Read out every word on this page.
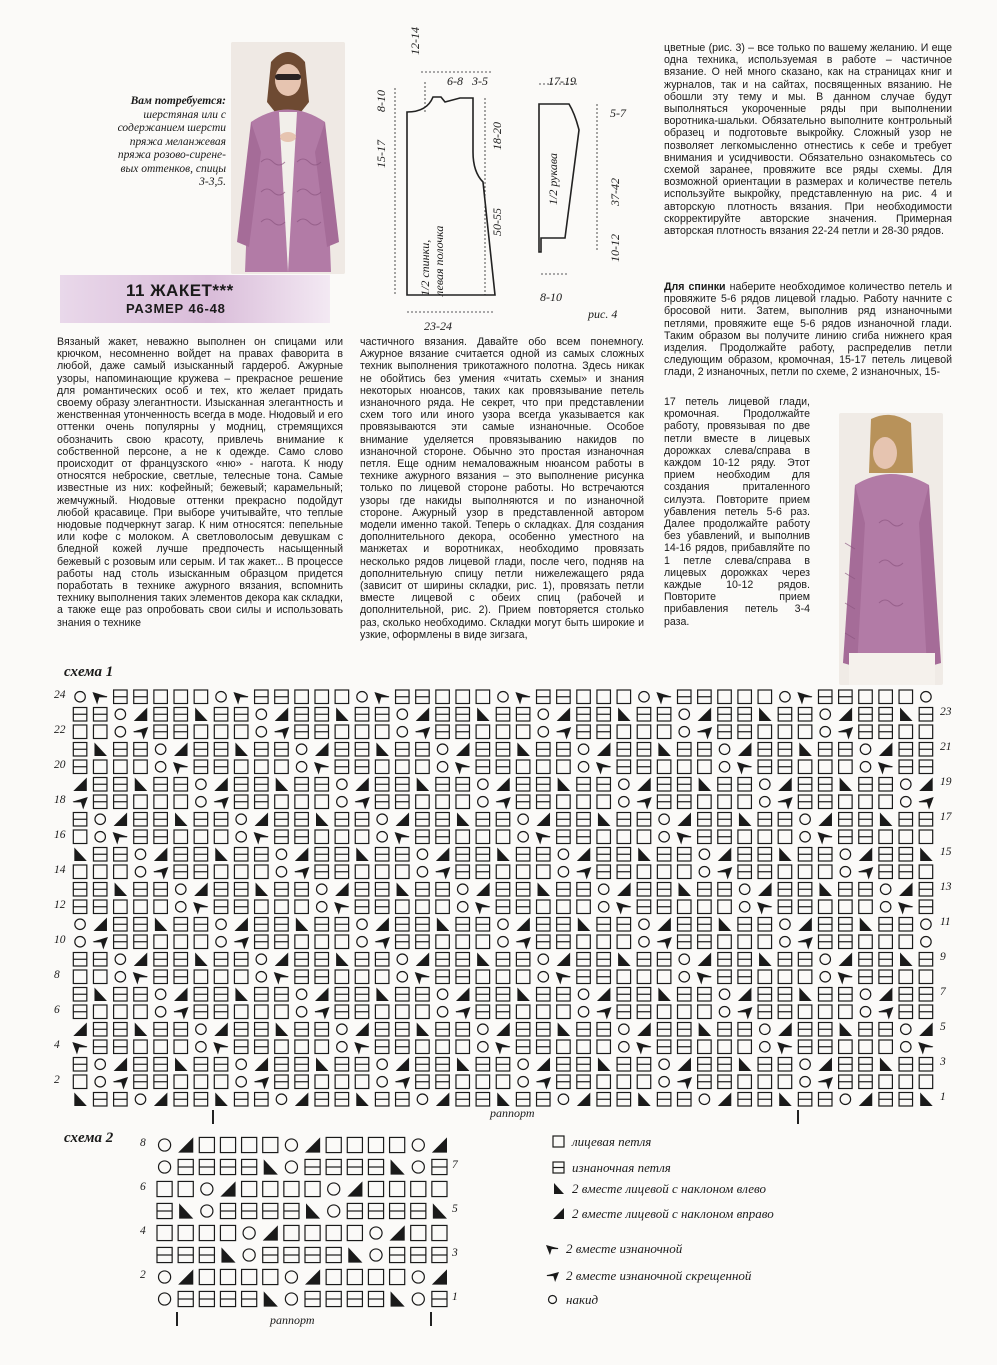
Вам потребуется:
шерстяная или с
содержанием шерсти
пряжа меланжевая
пряжа розово-сирене-
вых оттенков, спицы
3-3,5.
11 ЖАКЕТ***
РАЗМЕР 46-48
12-14
6-8 3-5
8-10
15-17
18-20
50-55
23-24
1/2 спинки,
левая полочка
17-19
5-7
37-42
10-12
8-10
1/2 рукава
рис. 4

Вязаный жакет, неважно выполнен он спицами или крючком, несомненно войдет на правах фаворита в любой, даже самый изысканный гардероб. Ажурные узоры, напоминающие кружева – прекрасное решение для романтических особ и тех, кто желает придать своему образу элегантности. Изысканная элегантность и женственная утонченность всегда в моде. Нюдовый и его оттенки очень популярны у модниц, стремящихся обозначить свою красоту, привлечь внимание к собственной персоне, а не к одежде. Само слово происходит от французского «ню» - нагота. К нюду относятся неброские, светлые, телесные тона. Самые известные из них: кофейный; бежевый; карамельный; жемчужный. Нюдовые оттенки прекрасно подойдут любой красавице. При выборе учитывайте, что теплые нюдовые подчеркнут загар. К ним относятся: пепельные или кофе с молоком. А светловолосым девушкам с бледной кожей лучше предпочесть насыщенный бежевый с розовым или серым. И так жакет... В процессе работы над столь изысканным образцом придется поработать в технике ажурного вязания, вспомнить технику выполнения таких элементов декора как складки, а также еще раз опробовать свои силы и использовать знания о технике

частичного вязания. Давайте обо всем понемногу. Ажурное вязание считается одной из самых сложных техник выполнения трикотажного полотна. Здесь никак не обойтись без умения «читать схемы» и знания некоторых нюансов, таких как провязывание петель изнаночного ряда. Не секрет, что при представлении схем того или иного узора всегда указывается как провязываются эти самые изнаночные. Особое внимание уделяется провязыванию накидов по изнаночной стороне. Обычно это простая изнаночная петля. Еще одним немаловажным нюансом работы в технике ажурного вязания – это выполнение рисунка только по лицевой стороне работы. Но встречаются узоры где накиды выполняются и по изнаночной стороне. Ажурный узор в представленной автором модели именно такой. Теперь о складках. Для создания дополнительного декора, особенно уместного на манжетах и воротниках, необходимо провязать несколько рядов лицевой глади, после чего, подняв на дополнительную спицу петли нижележащего ряда (зависит от ширины складки, рис. 1), провязать петли вместе лицевой с обеих спиц (рабочей и дополнительной, рис. 2). Прием повторяется столько раз, сколько необходимо. Складки могут быть широкие и узкие, оформлены в виде зигзага,

цветные (рис. 3) – все только по вашему желанию. И еще одна техника, используемая в работе – частичное вязание. О ней много сказано, как на страницах книг и журналов, так и на сайтах, посвященных вязанию. Не обошли эту тему и мы. В данном случае будут выполняться укороченные ряды при выполнении воротника-шальки. Обязательно выполните контрольный образец и подготовьте выкройку. Сложный узор не позволяет легкомысленно отнестись к себе и требует внимания и усидчивости. Обязательно ознакомьтесь со схемой заранее, провяжите все ряды схемы. Для возможной ориентации в размерах и количестве петель используйте выкройку, представленную на рис. 4 и авторскую плотность вязания. При необходимости скорректируйте авторские значения. Примерная авторская плотность вязания 22-24 петли и 28-30 рядов.

Для спинки наберите необходимое количество петель и провяжите 5-6 рядов лицевой гладью. Работу начните с бросовой нити. Затем, выполнив ряд изнаночными петлями, провяжите еще 5-6 рядов изнаночной глади. Таким образом вы получите линию сгиба нижнего края изделия. Продолжайте работу, распределив петли следующим образом, кромочная, 15-17 петель лицевой глади, 2 изнаночных, петли по схеме, 2 изнаночных, 15-

17 петель лицевой глади, кромочная. Продолжайте работу, провязывая по две петли вместе в лицевых дорожках слева/справа в каждом 10-12 ряду. Этот прием необходим для создания приталенного силуэта. Повторите прием убавления петель 5-6 раз. Далее продолжайте работу без убавлений, и выполнив 14-16 рядов, прибавляйте по 1 петле слева/справа в лицевых дорожках через каждые 10-12 рядов. Повторите прием прибавления петель 3-4 раза.

схема 1
24
22
20
18
16
14
12
10
8
6
4
2
23
21
19
17
15
13
11
9
7
5
3
1
раппорт
схема 2 8
6
4
2
7
5
3
1
раппорт
лицевая петля
изнаночная петля
2 вместе лицевой с наклоном влево
2 вместе лицевой с наклоном вправо
2 вместе изнаночной
2 вместе изнаночной скрещенной
накид
